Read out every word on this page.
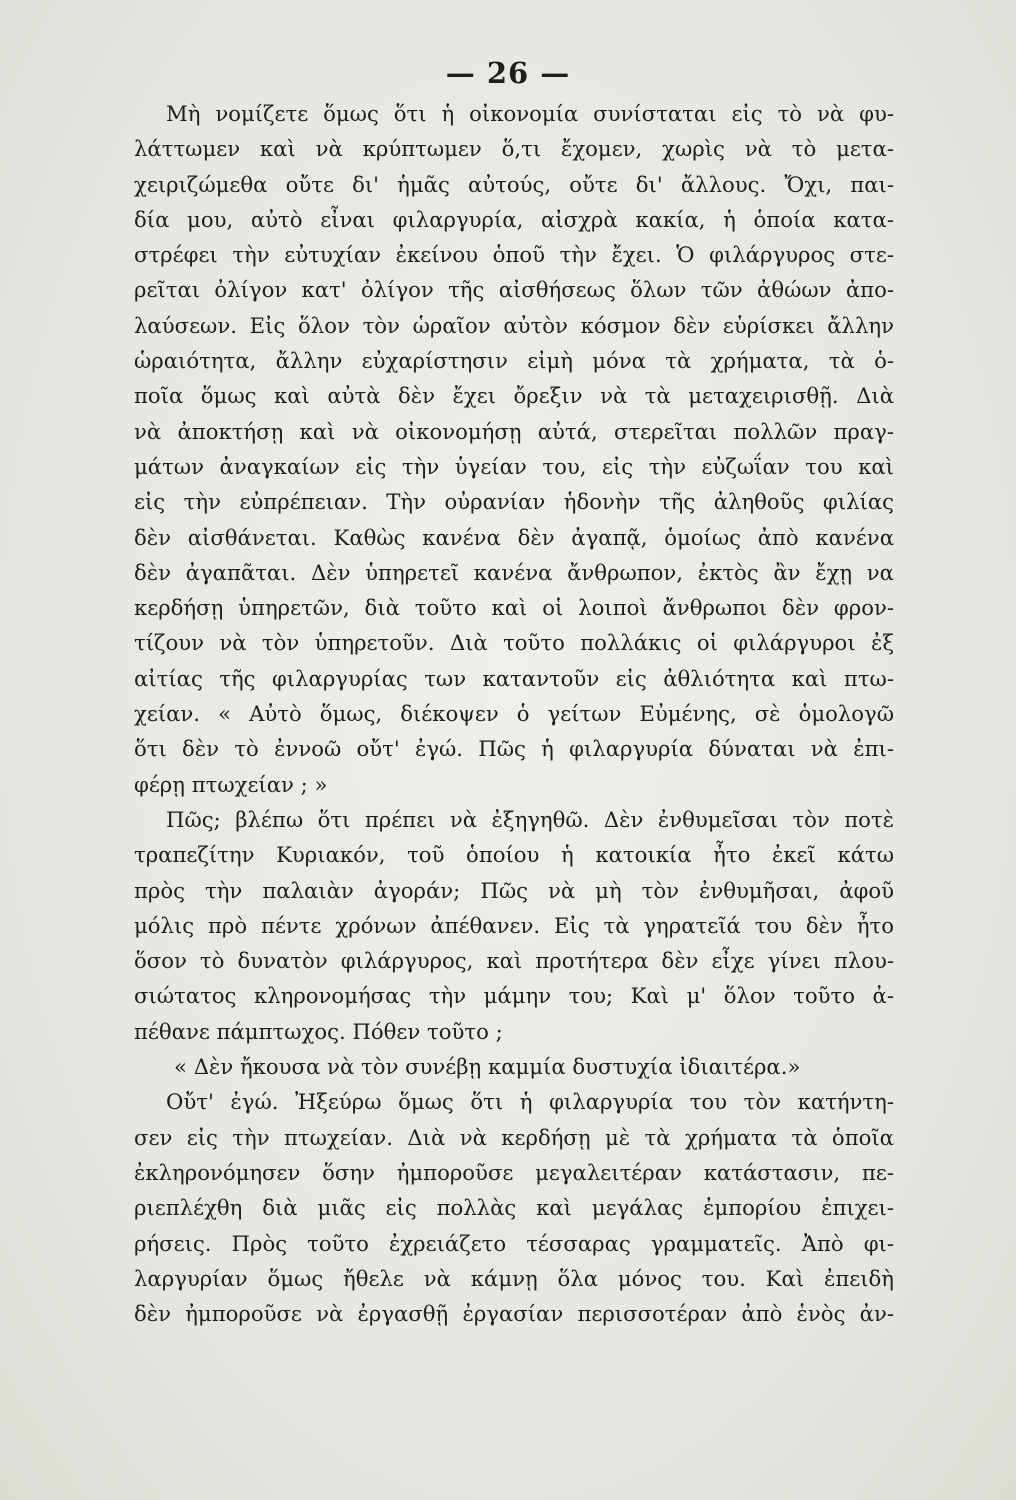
— 26 —
Μὴ νομίζετε ὅμως ὅτι ἡ οἰκονομία συνίσταται εἰς τὸ νὰ φυ-
λάττωμεν καὶ νὰ κρύπτωμεν ὅ,τι ἔχομεν, χωρὶς νὰ τὸ μετα-
χειριζώμεθα οὔτε δι' ἡμᾶς αὐτούς, οὔτε δι' ἄλλους. Ὄχι, παι-
δία μου, αὐτὸ εἶναι φιλαργυρία, αἰσχρὰ κακία, ἡ ὁποία κατα-
στρέφει τὴν εὐτυχίαν ἐκείνου ὁποῦ τὴν ἔχει. Ὁ φιλάργυρος στε-
ρεῖται ὀλίγον κατ' ὀλίγον τῆς αἰσθήσεως ὅλων τῶν ἀθώων ἀπο-
λαύσεων. Εἰς ὅλον τὸν ὡραῖον αὐτὸν κόσμον δὲν εὑρίσκει ἄλλην
ὡραιότητα, ἄλλην εὐχαρίστησιν εἰμὴ μόνα τὰ χρήματα, τὰ ὁ-
ποῖα ὅμως καὶ αὐτὰ δὲν ἔχει ὄρεξιν νὰ τὰ μεταχειρισθῇ. Διὰ
νὰ ἀποκτήσῃ καὶ νὰ οἰκονομήσῃ αὐτά, στερεῖται πολλῶν πραγ-
μάτων ἀναγκαίων εἰς τὴν ὑγείαν του, εἰς τὴν εὐζωΐαν του καὶ
εἰς τὴν εὐπρέπειαν. Τὴν οὐρανίαν ἡδονὴν τῆς ἀληθοῦς φιλίας
δὲν αἰσθάνεται. Καθὼς κανένα δὲν ἀγαπᾷ, ὁμοίως ἀπὸ κανένα
δὲν ἀγαπᾶται. Δὲν ὑπηρετεῖ κανένα ἄνθρωπον, ἐκτὸς ἂν ἔχῃ να
κερδήσῃ ὑπηρετῶν, διὰ τοῦτο καὶ οἱ λοιποὶ ἄνθρωποι δὲν φρον-
τίζουν νὰ τὸν ὑπηρετοῦν. Διὰ τοῦτο πολλάκις οἱ φιλάργυροι ἐξ
αἰτίας τῆς φιλαργυρίας των καταντοῦν εἰς ἀθλιότητα καὶ πτω-
χείαν. « Αὐτὸ ὅμως, διέκοψεν ὁ γείτων Εὐμένης, σὲ ὁμολογῶ
ὅτι δὲν τὸ ἐννοῶ οὔτ' ἐγώ. Πῶς ἡ φιλαργυρία δύναται νὰ ἐπι-
φέρῃ πτωχείαν ; »
Πῶς; βλέπω ὅτι πρέπει νὰ ἐξηγηθῶ. Δὲν ἐνθυμεῖσαι τὸν ποτὲ
τραπεζίτην Κυριακόν, τοῦ ὁποίου ἡ κατοικία ἦτο ἐκεῖ κάτω
πρὸς τὴν παλαιὰν ἀγοράν; Πῶς νὰ μὴ τὸν ἐνθυμῆσαι, ἀφοῦ
μόλις πρὸ πέντε χρόνων ἀπέθανεν. Εἰς τὰ γηρατεῖά του δὲν ἦτο
ὅσον τὸ δυνατὸν φιλάργυρος, καὶ προτήτερα δὲν εἶχε γίνει πλου-
σιώτατος κληρονομήσας τὴν μάμην του; Καὶ μ' ὅλον τοῦτο ἀ-
πέθανε πάμπτωχος. Πόθεν τοῦτο ;
« Δὲν ἤκουσα νὰ τὸν συνέβῃ καμμία δυστυχία ἰδιαιτέρα.»
Οὔτ' ἐγώ. Ἠξεύρω ὅμως ὅτι ἡ φιλαργυρία του τὸν κατήντη-
σεν εἰς τὴν πτωχείαν. Διὰ νὰ κερδήσῃ μὲ τὰ χρήματα τὰ ὁποῖα
ἐκληρονόμησεν ὅσην ἠμποροῦσε μεγαλειτέραν κατάστασιν, πε-
ριεπλέχθη διὰ μιᾶς εἰς πολλὰς καὶ μεγάλας ἐμπορίου ἐπιχει-
ρήσεις. Πρὸς τοῦτο ἐχρειάζετο τέσσαρας γραμματεῖς. Ἀπὸ φι-
λαργυρίαν ὅμως ἤθελε νὰ κάμνῃ ὅλα μόνος του. Καὶ ἐπειδὴ
δὲν ἠμποροῦσε νὰ ἐργασθῇ ἐργασίαν περισσοτέραν ἀπὸ ἑνὸς ἀν-
